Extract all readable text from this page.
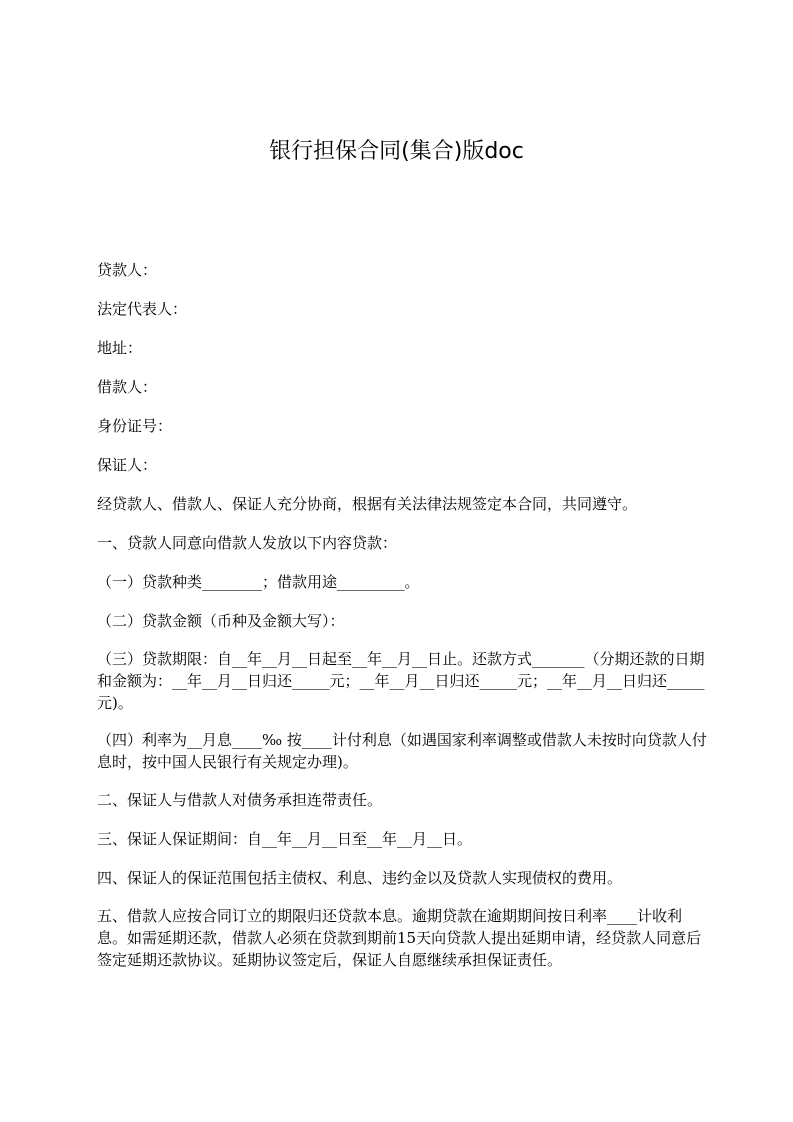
银行担保合同(集合)版doc

贷款人：

法定代表人：

地址：

借款人：

身份证号：

保证人：

经贷款人、借款人、保证人充分协商，根据有关法律法规签定本合同，共同遵守。

一、贷款人同意向借款人发放以下内容贷款：

（一）贷款种类________；借款用途_________。

（二）贷款金额（币种及金额大写）：

（三）贷款期限：自__年__月__日起至__年__月__日止。还款方式_______（分期还款的日期和金额为：__年__月__日归还_____元；__年__月__日归还_____元；__年__月__日归还_____元)。

（四）利率为__月息____‰ 按____计付利息（如遇国家利率调整或借款人未按时向贷款人付息时，按中国人民银行有关规定办理)。

二、保证人与借款人对债务承担连带责任。

三、保证人保证期间：自__年__月__日至__年__月__日。

四、保证人的保证范围包括主债权、利息、违约金以及贷款人实现债权的费用。

五、借款人应按合同订立的期限归还贷款本息。逾期贷款在逾期期间按日利率____计收利息。如需延期还款，借款人必须在贷款到期前15天向贷款人提出延期申请，经贷款人同意后签定延期还款协议。延期协议签定后，保证人自愿继续承担保证责任。
